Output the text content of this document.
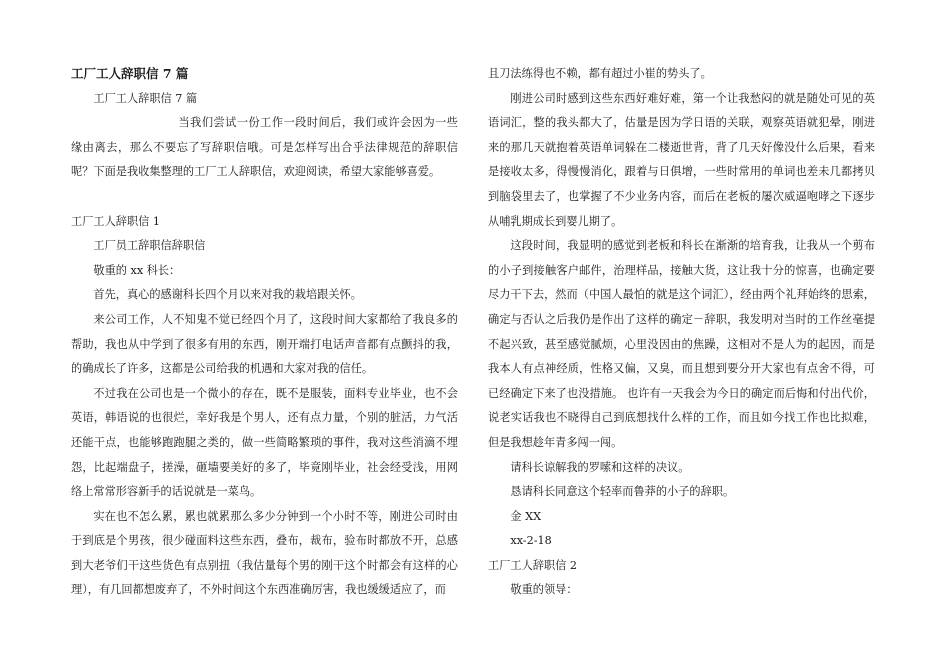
工厂工人辞职信 7 篇

工厂工人辞职信 7 篇

当我们尝试一份工作一段时间后，我们或许会因为一些缘由离去，那么不要忘了写辞职信哦。可是怎样写出合乎法律规范的辞职信呢？下面是我收集整理的工厂工人辞职信，欢迎阅读，希望大家能够喜爱。

工厂工人辞职信 1

工厂员工辞职信辞职信

敬重的 xx 科长：

首先，真心的感谢科长四个月以来对我的栽培跟关怀。

来公司工作，人不知鬼不觉已经四个月了，这段时间大家都给了我良多的帮助，我也从中学到了很多有用的东西，刚开端打电话声音都有点颤抖的我，的确成长了许多，这都是公司给我的机遇和大家对我的信任。

不过我在公司也是一个微小的存在，既不是服装，面料专业毕业，也不会英语，韩语说的也很烂，幸好我是个男人，还有点力量，个别的脏活，力气活还能干点，也能够跑跑腿之类的，做一些简略繁琐的事件，我对这些消滴不埋怨，比起端盘子，搓澡，砸墙要美好的多了，毕竟刚毕业，社会经受浅，用网络上常常形容新手的话说就是一菜鸟。

实在也不怎么累，累也就累那么多少分钟到一个小时不等，刚进公司时由于到底是个男孩，很少碰面料这些东西，叠布，裁布，验布时都放不开，总感到大老爷们干这些货色有点别扭（我估量每个男的刚干这个时都会有这样的心理），有几回都想废弃了，不外时间这个东西准确厉害，我也缓缓适应了，而

且刀法练得也不赖，都有超过小崔的势头了。

刚进公司时感到这些东西好难好难，第一个让我愁闷的就是随处可见的英语词汇，整的我头都大了，估量是因为学日语的关联，观察英语就犯晕，刚进来的那几天就抱着英语单词躲在二楼逝世背，背了几天好像没什么后果，看来是接收太多，得慢慢消化，跟着与日俱增，一些时常用的单词也差未几都拷贝到脑袋里去了，也掌握了不少业务内容，而后在老板的屡次威逼咆哮之下逐步从哺乳期成长到婴儿期了。

这段时间，我显明的感觉到老板和科长在渐渐的培育我，让我从一个剪布的小子到接触客户邮件，治理样品，接触大货，这让我十分的惊喜，也确定要尽力干下去，然而（中国人最怕的就是这个词汇），经由两个礼拜始终的思索，确定与否认之后我仍是作出了这样的确定－辞职，我发明对当时的工作丝毫提不起兴致，甚至感觉腻烦，心里没因由的焦躁，这相对不是人为的起因，而是我本人有点神经质，性格又偏，又臭，而且想到要分开大家也有点舍不得，可已经确定下来了也没措施。 也许有一天我会为今日的确定而后悔和付出代价，说老实话我也不晓得自己到底想找什么样的工作，而且如今找工作也比拟难，但是我想趁年青多闯一闯。

请科长谅解我的罗嗦和这样的决议。

恳请科长同意这个轻率而鲁莽的小子的辞职。

金 XX

xx-2-18

工厂工人辞职信 2

敬重的领导：
